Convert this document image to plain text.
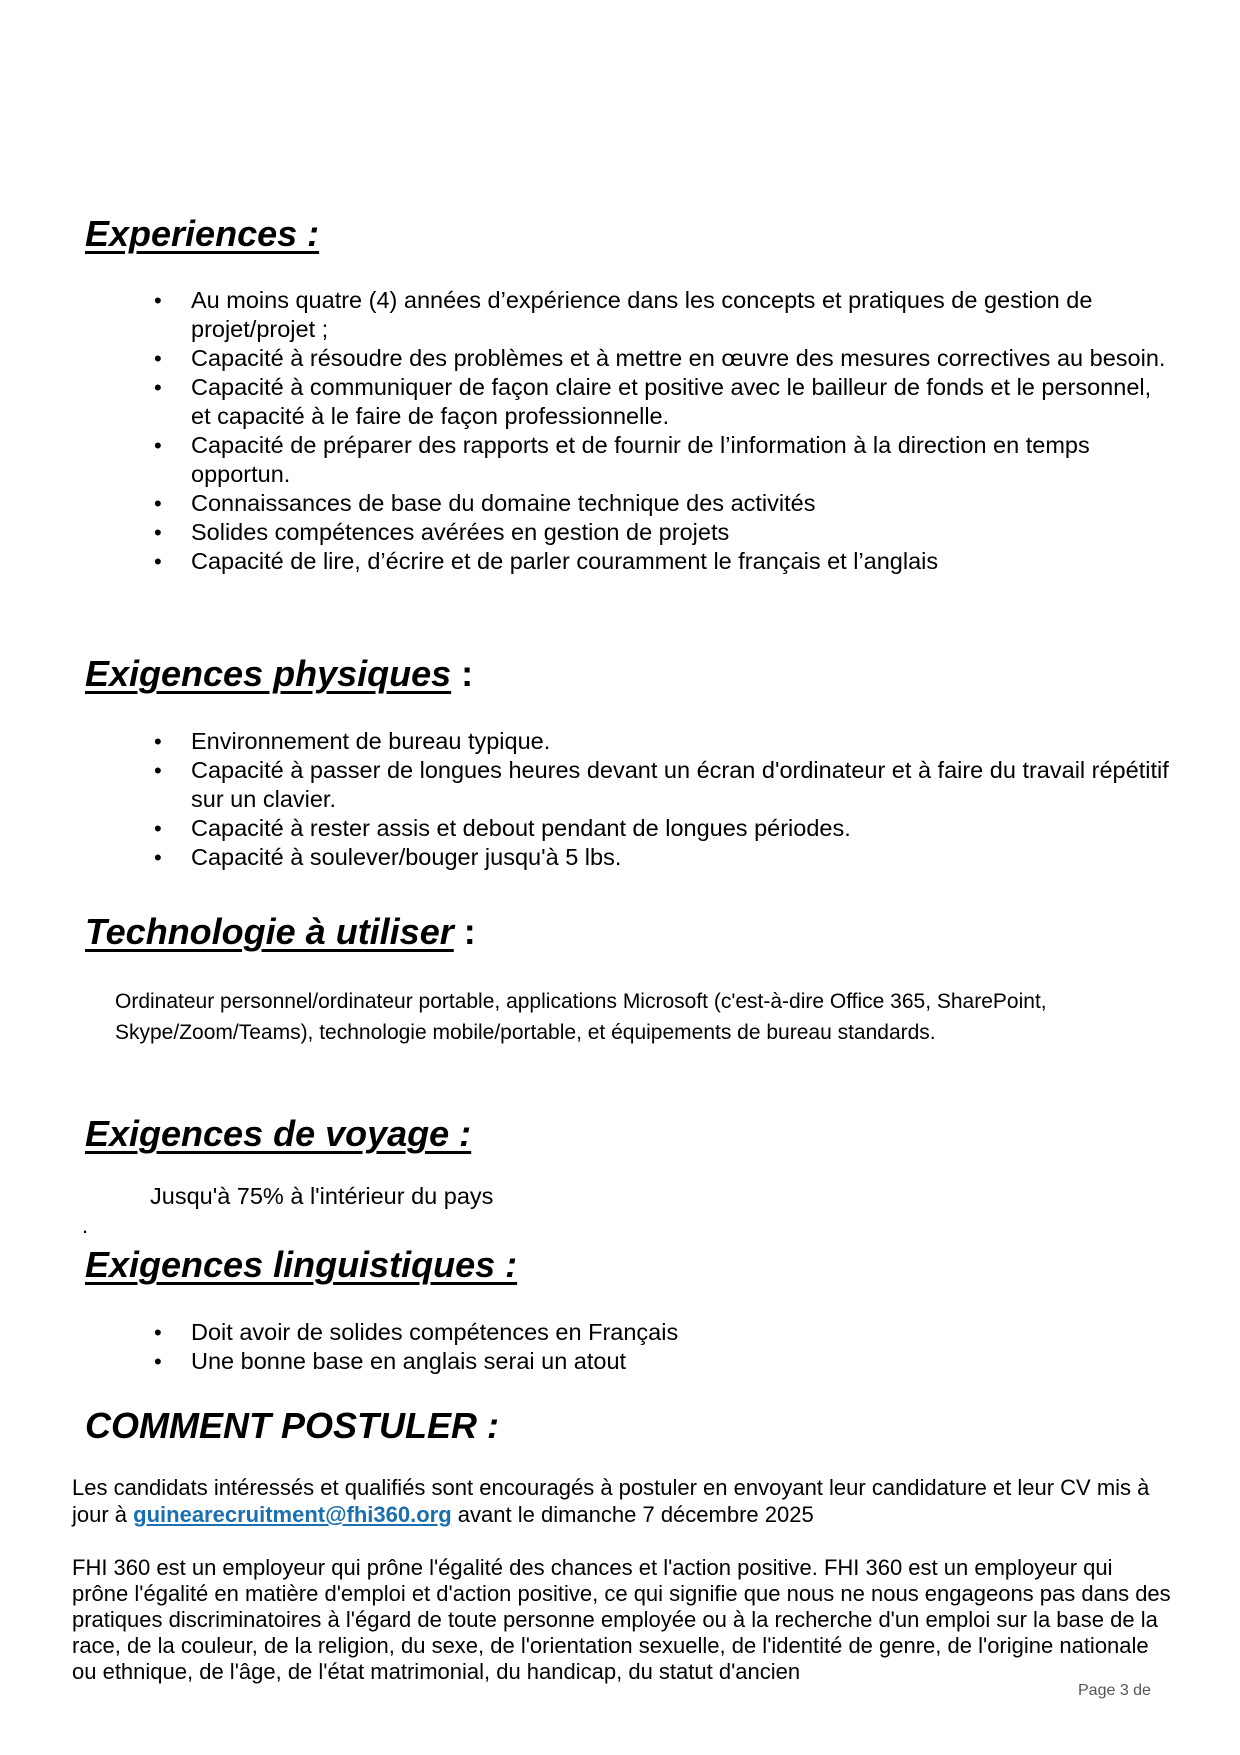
Experiences :
• Au moins quatre (4) années d’expérience dans les concepts et pratiques de gestion de projet/projet ;
• Capacité à résoudre des problèmes et à mettre en œuvre des mesures correctives au besoin.
• Capacité à communiquer de façon claire et positive avec le bailleur de fonds et le personnel, et capacité à le faire de façon professionnelle.
• Capacité de préparer des rapports et de fournir de l’information à la direction en temps opportun.
• Connaissances de base du domaine technique des activités
• Solides compétences avérées en gestion de projets
• Capacité de lire, d’écrire et de parler couramment le français et l’anglais
Exigences physiques :
• Environnement de bureau typique.
• Capacité à passer de longues heures devant un écran d'ordinateur et à faire du travail répétitif sur un clavier.
• Capacité à rester assis et debout pendant de longues périodes.
• Capacité à soulever/bouger jusqu'à 5 lbs.
Technologie à utiliser :

Ordinateur personnel/ordinateur portable, applications Microsoft (c'est-à-dire Office 365, SharePoint, Skype/Zoom/Teams), technologie mobile/portable, et équipements de bureau standards.

Exigences de voyage :

Jusqu'à 75% à l'intérieur du pays

.

Exigences linguistiques :
• Doit avoir de solides compétences en Français
• Une bonne base en anglais serai un atout
COMMENT POSTULER :

Les candidats intéressés et qualifiés sont encouragés à postuler en envoyant leur candidature et leur CV mis à jour à guinearecruitment@fhi360.org avant le dimanche 7 décembre 2025

FHI 360 est un employeur qui prône l'égalité des chances et l'action positive. FHI 360 est un employeur qui prône l'égalité en matière d'emploi et d'action positive, ce qui signifie que nous ne nous engageons pas dans des pratiques discriminatoires à l'égard de toute personne employée ou à la recherche d'un emploi sur la base de la race, de la couleur, de la religion, du sexe, de l'orientation sexuelle, de l'identité de genre, de l'origine nationale ou ethnique, de l'âge, de l'état matrimonial, du handicap, du statut d'ancien

Page 3 de
